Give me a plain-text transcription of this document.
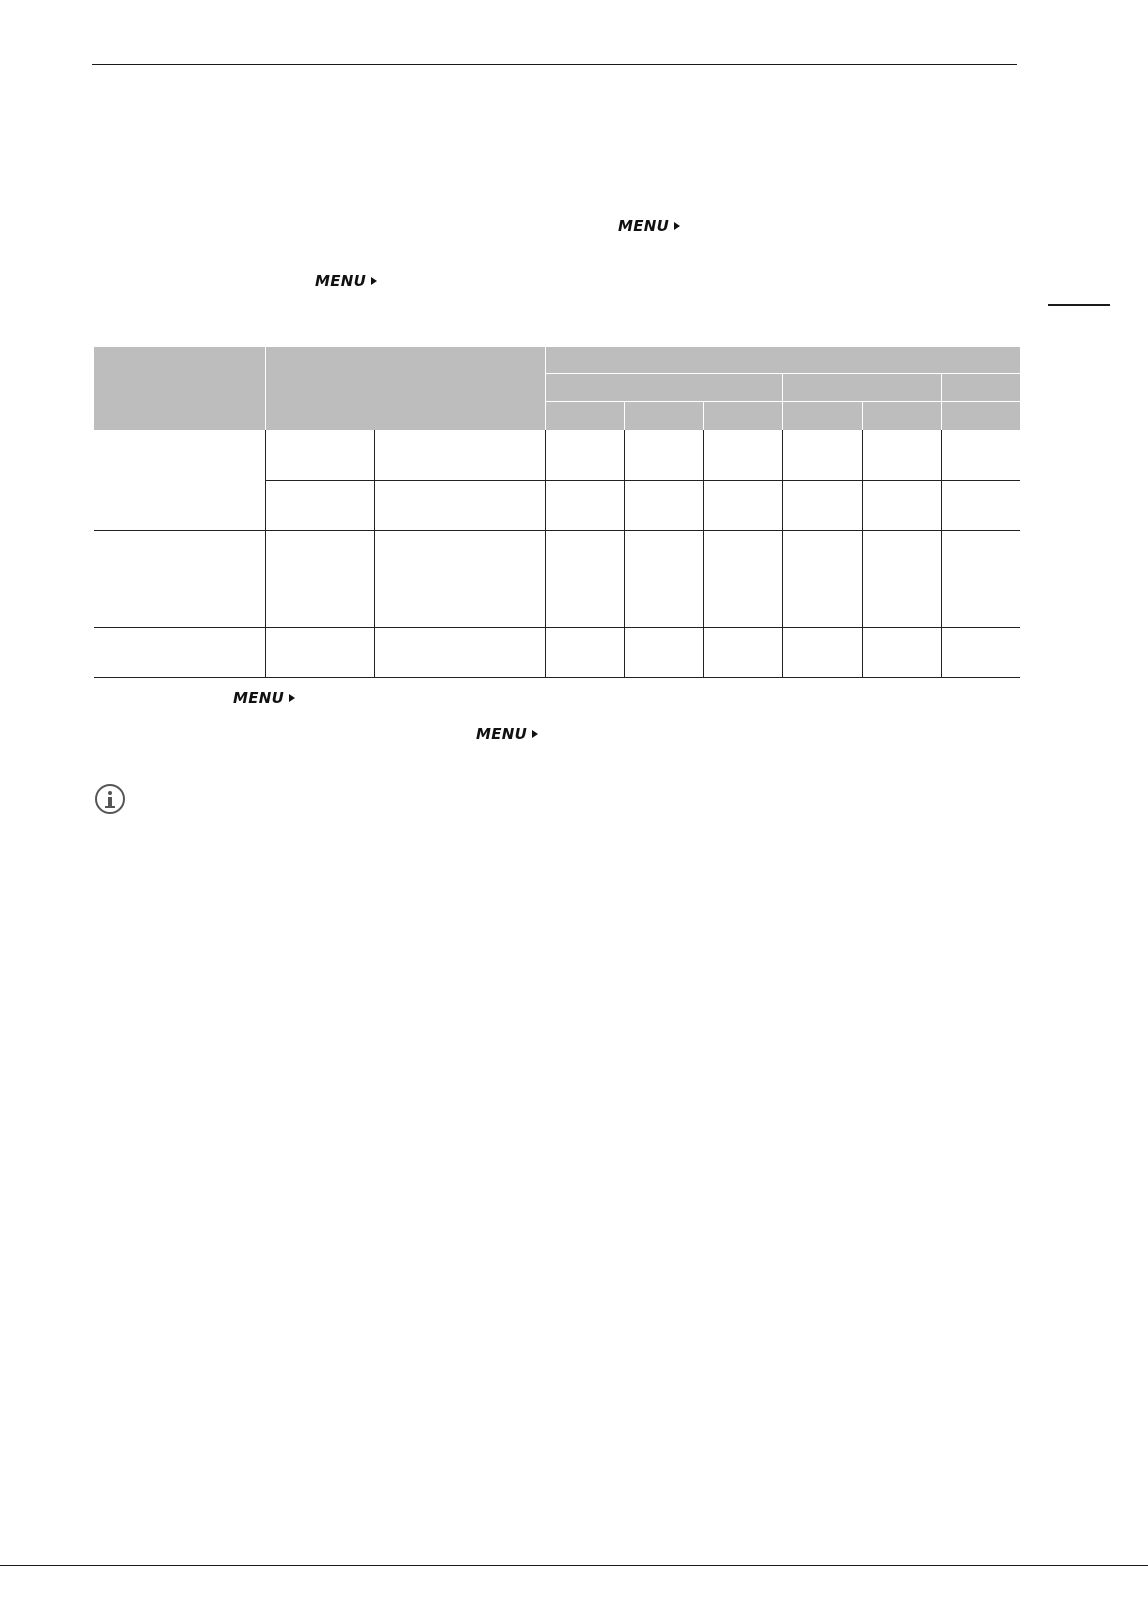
MENU
MENU
MENU
MENU
